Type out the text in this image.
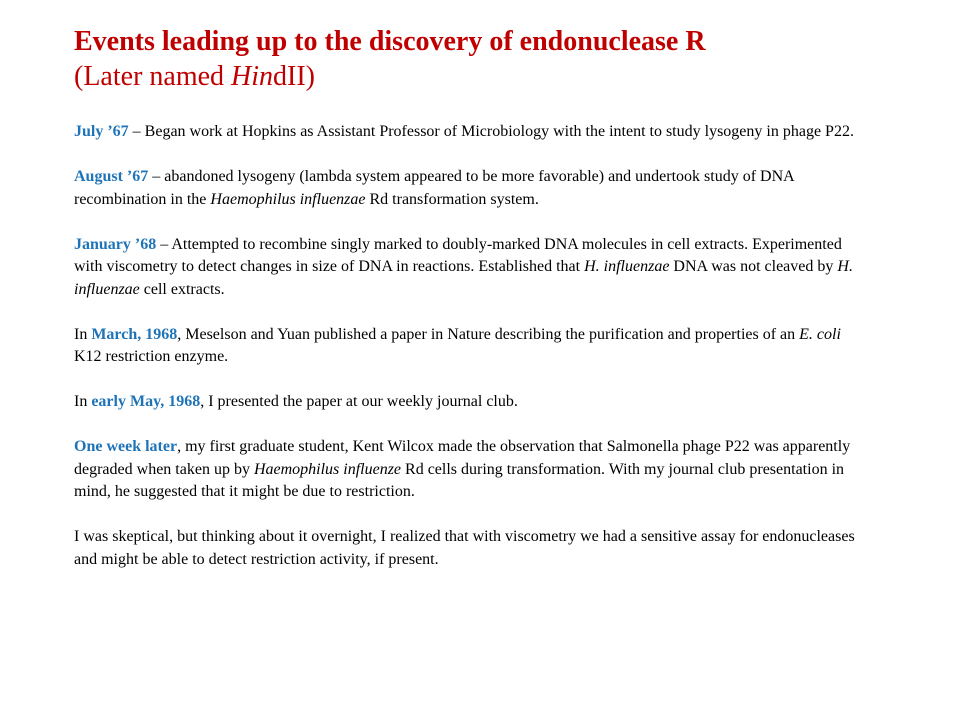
Events leading up to the discovery of endonuclease R
(Later named HindII)

July ’67 – Began work at Hopkins as Assistant Professor of Microbiology with the intent to study lysogeny in phage P22.

August ’67 – abandoned lysogeny (lambda system appeared to be more favorable) and undertook study of DNA recombination in the Haemophilus influenzae Rd transformation system.

January ’68 – Attempted to recombine singly marked to doubly-marked DNA molecules in cell extracts. Experimented with viscometry to detect changes in size of DNA in reactions. Established that H. influenzae DNA was not cleaved by H. influenzae cell extracts.

In March, 1968, Meselson and Yuan published a paper in Nature describing the purification and properties of an E. coli K12 restriction enzyme.

In early May, 1968, I presented the paper at our weekly journal club.

One week later, my first graduate student, Kent Wilcox made the observation that Salmonella phage P22 was apparently degraded when taken up by Haemophilus influenze Rd cells during transformation. With my journal club presentation in mind, he suggested that it might be due to restriction.

I was skeptical, but thinking about it overnight, I realized that with viscometry we had a sensitive assay for endonucleases and might be able to detect restriction activity, if present.
